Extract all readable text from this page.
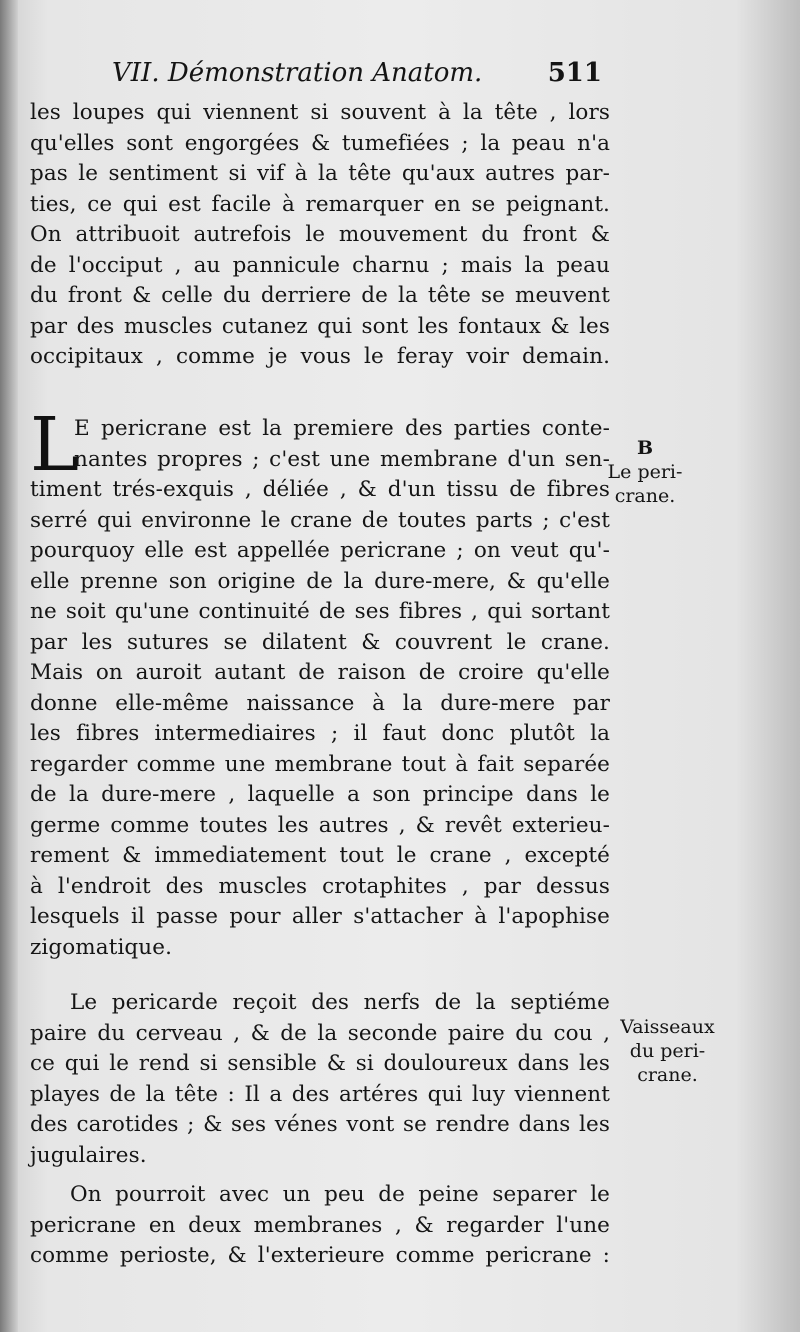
VII. Démonstration Anatom.	511
les loupes qui viennent si souvent à la tête , lors
qu'elles sont engorgées & tumefiées ; la peau n'a
pas le sentiment si vif à la tête qu'aux autres par-
ties, ce qui est facile à remarquer en se peignant.
On attribuoit autrefois le mouvement du front &
de l'occiput , au pannicule charnu ; mais la peau
du front & celle du derriere de la tête se meuvent
par des muscles cutanez qui sont les fontaux & les
occipitaux , comme je vous le feray voir demain.
L
E pericrane est la premiere des parties conte-
nantes propres ; c'est une membrane d'un sen-
timent trés-exquis , déliée , & d'un tissu de fibres
serré qui environne le crane de toutes parts ; c'est
pourquoy elle est appellée pericrane ; on veut qu'-
elle prenne son origine de la dure-mere, & qu'elle
ne soit qu'une continuité de ses fibres , qui sortant
par les sutures se dilatent & couvrent le crane.
Mais on auroit autant de raison de croire qu'elle
donne elle-même naissance à la dure-mere par
les fibres intermediaires ; il faut donc plutôt la
regarder comme une membrane tout à fait separée
de la dure-mere , laquelle a son principe dans le
germe comme toutes les autres , & revêt exterieu-
rement & immediatement tout le crane , excepté
à l'endroit des muscles crotaphites , par dessus
lesquels il passe pour aller s'attacher à l'apophise
zigomatique.
Le pericarde reçoit des nerfs de la septiéme
paire du cerveau , & de la seconde paire du cou ,
ce qui le rend si sensible & si douloureux dans les
playes de la tête : Il a des artéres qui luy viennent
des carotides ; & ses vénes vont se rendre dans les
jugulaires.
On pourroit avec un peu de peine separer le
pericrane en deux membranes , & regarder l'une
comme perioste, & l'exterieure comme pericrane :
B
Le peri-
crane.
Vaisseaux
du peri-
crane.
